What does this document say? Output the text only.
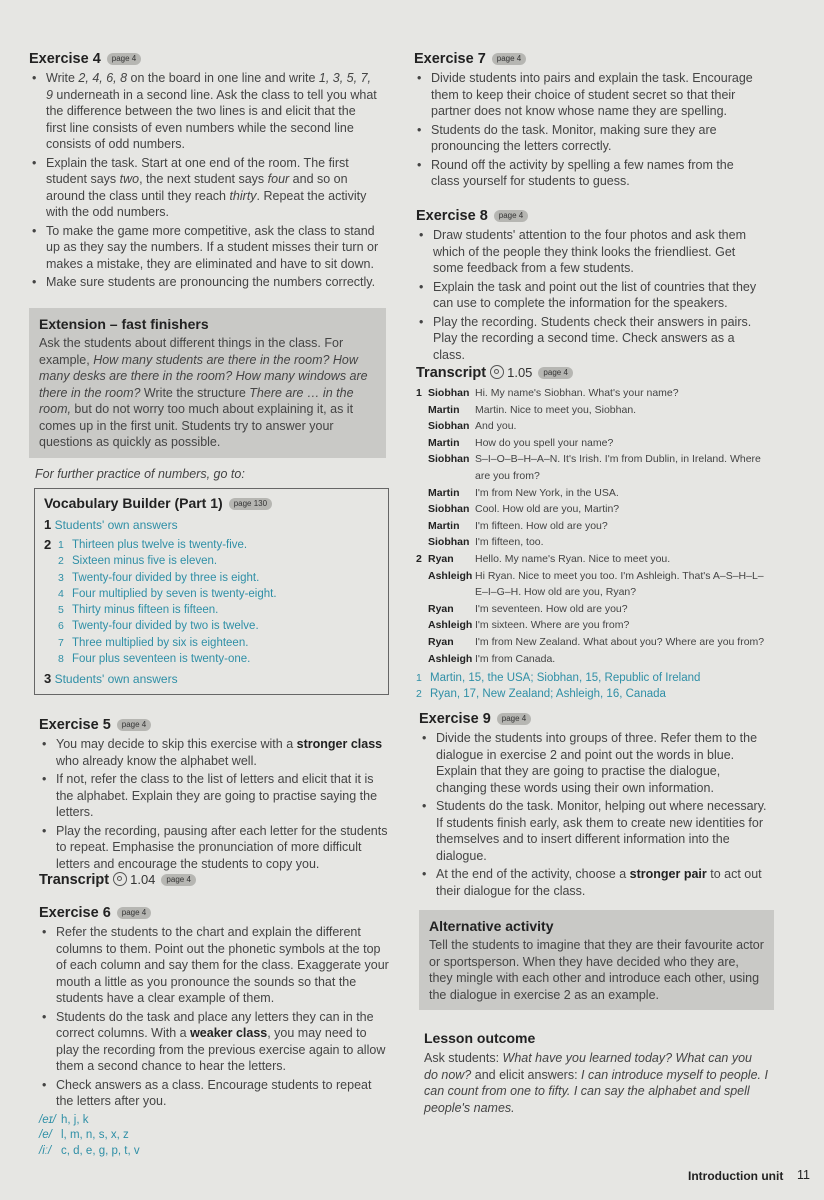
Exercise 4 page 4
• Write 2, 4, 6, 8 on the board in one line and write 1, 3, 5, 7, 9 underneath in a second line. Ask the class to tell you what the difference between the two lines is and elicit that the first line consists of even numbers while the second line consists of odd numbers.
• Explain the task. Start at one end of the room. The first student says two, the next student says four and so on around the class until they reach thirty. Repeat the activity with the odd numbers.
• To make the game more competitive, ask the class to stand up as they say the numbers. If a student misses their turn or makes a mistake, they are eliminated and have to sit down.
• Make sure students are pronouncing the numbers correctly.
Extension – fast finishers

Ask the students about different things in the class. For example, How many students are there in the room? How many desks are there in the room? How many windows are there in the room? Write the structure There are … in the room, but do not worry too much about explaining it, as it comes up in the first unit. Students try to answer your questions as quickly as possible.

For further practice of numbers, go to:
Vocabulary Builder (Part 1) page 130
1 Students' own answers
2 1 Thirteen plus twelve is twenty-five.
2 Sixteen minus five is eleven.
3 Twenty-four divided by three is eight.
4 Four multiplied by seven is twenty-eight.
5 Thirty minus fifteen is fifteen.
6 Twenty-four divided by two is twelve.
7 Three multiplied by six is eighteen.
8 Four plus seventeen is twenty-one.
3 Students' own answers
Exercise 5 page 4
• You may decide to skip this exercise with a stronger class who already know the alphabet well.
• If not, refer the class to the list of letters and elicit that it is the alphabet. Explain they are going to practise saying the letters.
• Play the recording, pausing after each letter for the students to repeat. Emphasise the pronunciation of more difficult letters and encourage the students to copy you.
Transcript 1.04 page 4
Exercise 6 page 4
• Refer the students to the chart and explain the different columns to them. Point out the phonetic symbols at the top of each column and say them for the class. Exaggerate your mouth a little as you pronounce the sounds so that the students have a clear example of them.
• Students do the task and place any letters they can in the correct columns. With a weaker class, you may need to play the recording from the previous exercise again to allow them a second chance to hear the letters.
• Check answers as a class. Encourage students to repeat the letters after you.
/eɪ/ h, j, k
/e/ l, m, n, s, x, z
/iː/ c, d, e, g, p, t, v
Exercise 7 page 4
• Divide students into pairs and explain the task. Encourage them to keep their choice of student secret so that their partner does not know whose name they are spelling.
• Students do the task. Monitor, making sure they are pronouncing the letters correctly.
• Round off the activity by spelling a few names from the class yourself for students to guess.
Exercise 8 page 4
• Draw students' attention to the four photos and ask them which of the people they think looks the friendliest. Get some feedback from a few students.
• Explain the task and point out the list of countries that they can use to complete the information for the speakers.
• Play the recording. Students check their answers in pairs. Play the recording a second time. Check answers as a class.
Transcript 1.05 page 4
1 Siobhan Hi. My name's Siobhan. What's your name?
Martin	Martin. Nice to meet you, Siobhan.
Siobhan And you.
Martin	How do you spell your name?
Siobhan S–I–O–B–H–A–N. It's Irish. I'm from Dublin, in Ireland. Where are you from?
Martin	I'm from New York, in the USA.
Siobhan Cool. How old are you, Martin?
Martin	I'm fifteen. How old are you?
Siobhan I'm fifteen, too.
2 Ryan	Hello. My name's Ryan. Nice to meet you.
Ashleigh Hi Ryan. Nice to meet you too. I'm Ashleigh. That's A–S–H–L–E–I–G–H. How old are you, Ryan?
Ryan	I'm seventeen. How old are you?
Ashleigh I'm sixteen. Where are you from?
Ryan	I'm from New Zealand. What about you? Where are you from?
Ashleigh I'm from Canada.
1 Martin, 15, the USA; Siobhan, 15, Republic of Ireland
2 Ryan, 17, New Zealand; Ashleigh, 16, Canada
Exercise 9 page 4
• Divide the students into groups of three. Refer them to the dialogue in exercise 2 and point out the words in blue. Explain that they are going to practise the dialogue, changing these words using their own information.
• Students do the task. Monitor, helping out where necessary. If students finish early, ask them to create new identities for themselves and to insert different information into the dialogue.
• At the end of the activity, choose a stronger pair to act out their dialogue for the class.
Alternative activity

Tell the students to imagine that they are their favourite actor or sportsperson. When they have decided who they are, they mingle with each other and introduce each other, using the dialogue in exercise 2 as an example.

Lesson outcome

Ask students: What have you learned today? What can you do now? and elicit answers: I can introduce myself to people. I can count from one to fifty. I can say the alphabet and spell people's names.

Introduction unit 11
